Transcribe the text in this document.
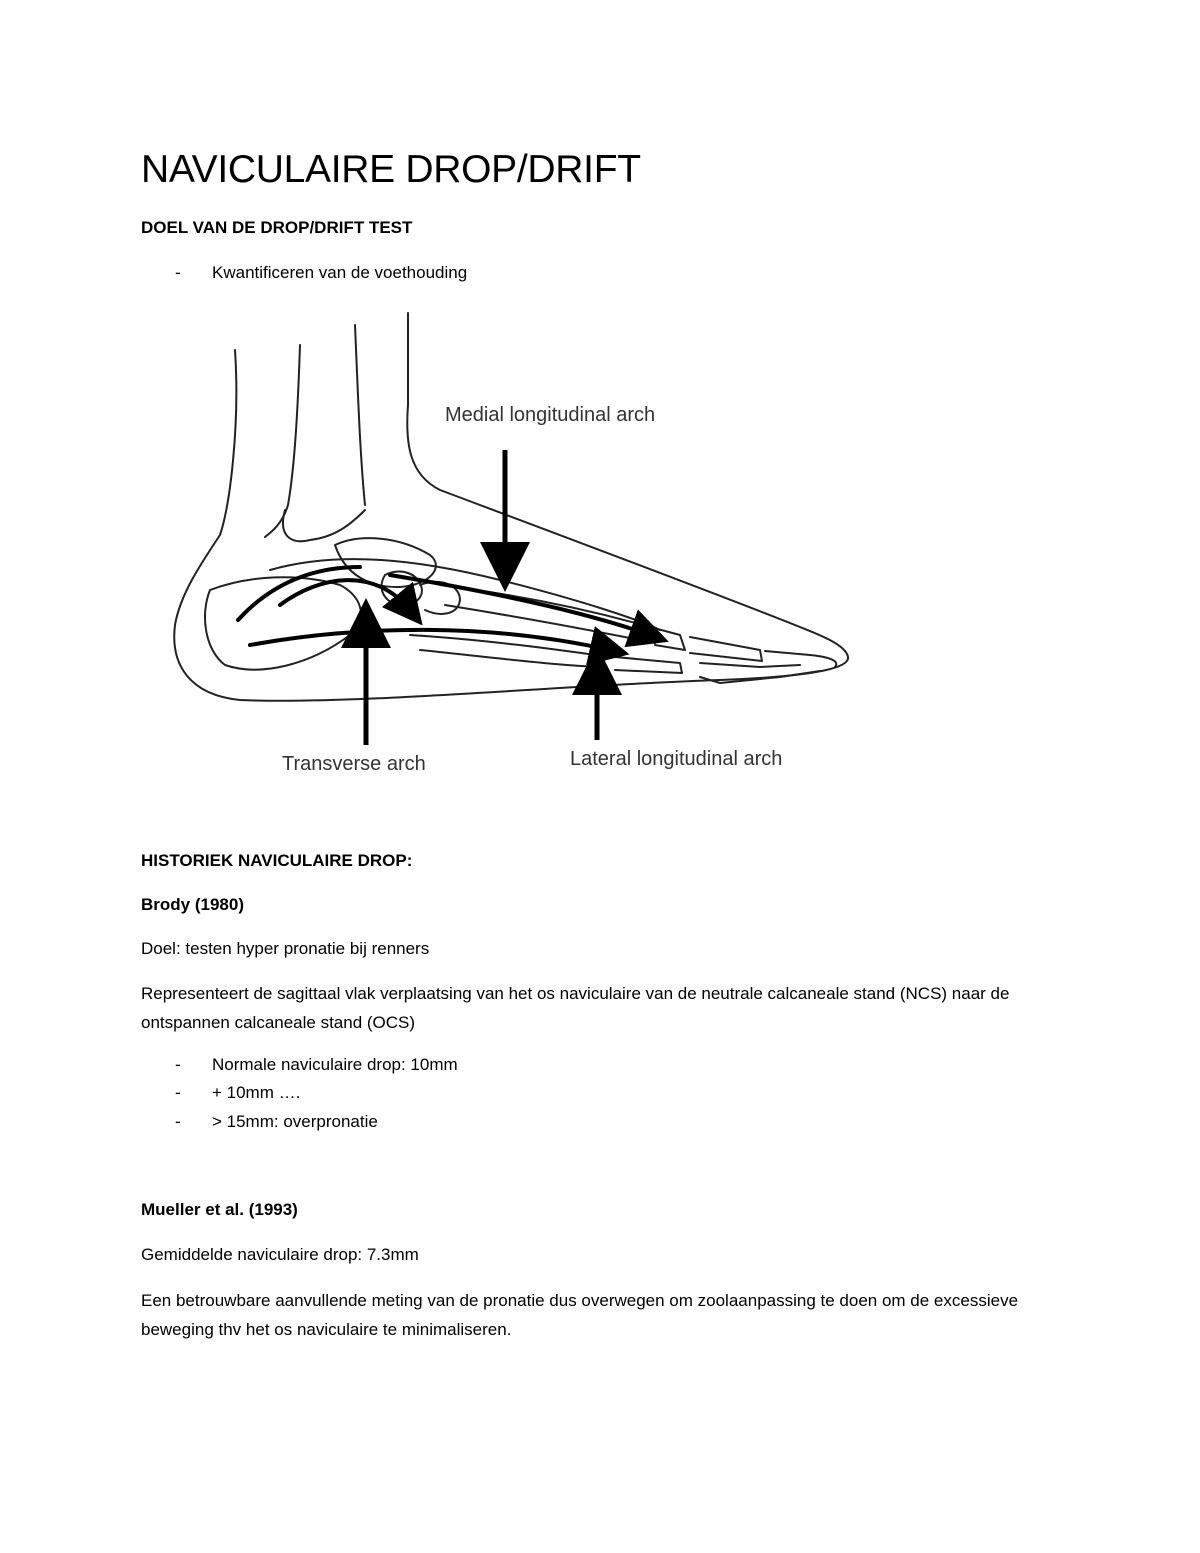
NAVICULAIRE DROP/DRIFT
DOEL VAN DE DROP/DRIFT TEST
- Kwantificeren van de voethouding
Medial longitudinal arch
Transverse arch	Lateral longitudinal arch
HISTORIEK NAVICULAIRE DROP:
Brody (1980)

Doel: testen hyper pronatie bij renners

Representeert de sagittaal vlak verplaatsing van het os naviculaire van de neutrale calcaneale stand (NCS) naar de ontspannen calcaneale stand (OCS)

- Normale naviculaire drop: 10mm
- + 10mm ….
- > 15mm: overpronatie
Mueller et al. (1993)

Gemiddelde naviculaire drop: 7.3mm

Een betrouwbare aanvullende meting van de pronatie dus overwegen om zoolaanpassing te doen om de excessieve beweging thv het os naviculaire te minimaliseren.
